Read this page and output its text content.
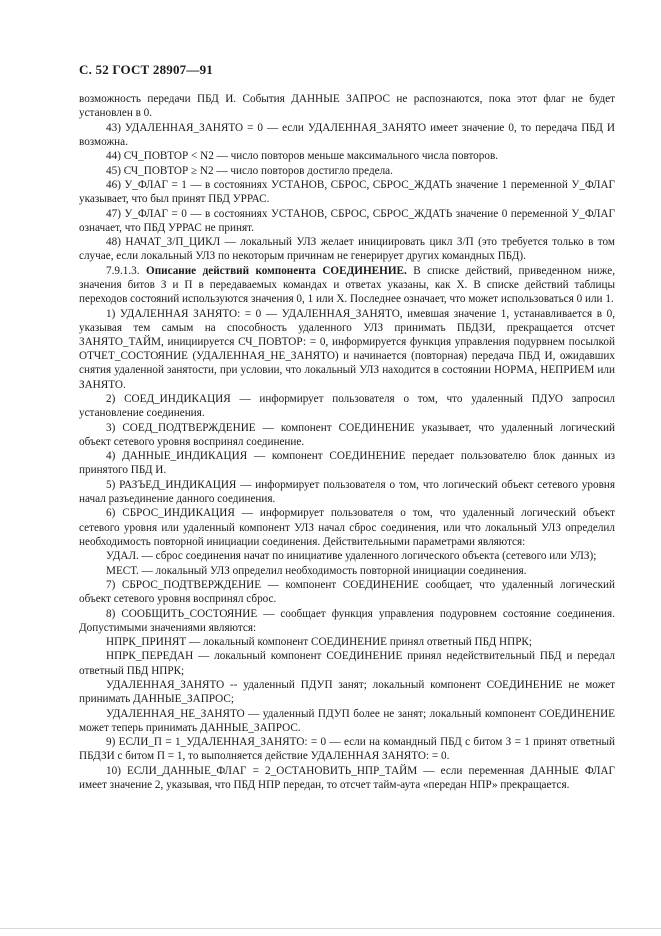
С. 52 ГОСТ 28907—91

возможность передачи ПБД И. События ДАННЫЕ ЗАПРОС не распознаются, пока этот флаг не будет установлен в 0.

43) УДАЛЕННАЯ_ЗАНЯТО = 0 — если УДАЛЕННАЯ_ЗАНЯТО имеет значение 0, то передача ПБД И возможна.

44) СЧ_ПОВТОР < N2 — число повторов меньше максимального числа повторов.

45) СЧ_ПОВТОР ≥ N2 — число повторов достигло предела.

46) У_ФЛАГ = 1 — в состояниях УСТАНОВ, СБРОС, СБРОС_ЖДАТЬ значение 1 переменной У_ФЛАГ указывает, что был принят ПБД УРРАС.

47) У_ФЛАГ = 0 — в состояниях УСТАНОВ, СБРОС, СБРОС_ЖДАТЬ значение 0 переменной У_ФЛАГ означает, что ПБД УРРАС не принят.

48) НАЧАТ_З/П_ЦИКЛ — локальный УЛЗ желает инициировать цикл З/П (это требуется только в том случае, если локальный УЛЗ по некоторым причинам не генерирует других командных ПБД).

7.9.1.3. Описание действий компонента СОЕДИНЕНИЕ. В списке действий, приведенном ниже, значения битов З и П в передаваемых командах и ответах указаны, как X. В списке действий таблицы переходов состояний используются значения 0, 1 или X. Последнее означает, что может использоваться 0 или 1.

1) УДАЛЕННАЯ ЗАНЯТО: = 0 — УДАЛЕННАЯ_ЗАНЯТО, имевшая значение 1, устанавливается в 0, указывая тем самым на способность удаленного УЛЗ принимать ПБДЗИ, прекращается отсчет ЗАНЯТО_ТАЙМ, инициируется СЧ_ПОВТОР: = 0, информируется функция управления подурвнем посылкой ОТЧЕТ_СОСТОЯНИЕ (УДАЛЕННАЯ_НЕ_ЗАНЯТО) и начинается (повторная) передача ПБД И, ожидавших снятия удаленной занятости, при условии, что локальный УЛЗ находится в состоянии НОРМА, НЕПРИЕМ или ЗАНЯТО.

2) СОЕД_ИНДИКАЦИЯ — информирует пользователя о том, что удаленный ПДУО запросил установление соединения.

3) СОЕД_ПОДТВЕРЖДЕНИЕ — компонент СОЕДИНЕНИЕ указывает, что удаленный логический объект сетевого уровня воспринял соединение.

4) ДАННЫЕ_ИНДИКАЦИЯ — компонент СОЕДИНЕНИЕ передает пользователю блок данных из принятого ПБД И.

5) РАЗЪЕД_ИНДИКАЦИЯ — информирует пользователя о том, что логический объект сетевого уровня начал разъединение данного соединения.

6) СБРОС_ИНДИКАЦИЯ — информирует пользователя о том, что удаленный логический объект сетевого уровня или удаленный компонент УЛЗ начал сброс соединения, или что локальный УЛЗ определил необходимость повторной инициации соединения. Действительными параметрами являются:

УДАЛ. — сброс соединения начат по инициативе удаленного логического объекта (сетевого или УЛЗ);

МЕСТ. — локальный УЛЗ определил необходимость повторной инициации соединения.

7) СБРОС_ПОДТВЕРЖДЕНИЕ — компонент СОЕДИНЕНИЕ сообщает, что удаленный логический объект сетевого уровня воспринял сброс.

8) СООБЩИТЬ_СОСТОЯНИЕ — сообщает функция управления подуровнем состояние соединения. Допустимыми значениями являются:

НПРК_ПРИНЯТ — локальный компонент СОЕДИНЕНИЕ принял ответный ПБД НПРК;

НПРК_ПЕРЕДАН — локальный компонент СОЕДИНЕНИЕ принял недействительный ПБД и передал ответный ПБД НПРК;

УДАЛЕННАЯ_ЗАНЯТО -- удаленный ПДУП занят; локальный компонент СОЕДИНЕНИЕ не может принимать ДАННЫЕ_ЗАПРОС;

УДАЛЕННАЯ_НЕ_ЗАНЯТО — удаленный ПДУП более не занят; локальный компонент СОЕДИНЕНИЕ может теперь принимать ДАННЫЕ_ЗАПРОС.

9) ЕСЛИ_П = 1_УДАЛЕННАЯ_ЗАНЯТО: = 0 — если на командный ПБД с битом З = 1 принят ответный ПБДЗИ с битом П = 1, то выполняется действие УДАЛЕННАЯ ЗАНЯТО: = 0.

10) ЕСЛИ_ДАННЫЕ_ФЛАГ = 2_ОСТАНОВИТЬ_НПР_ТАЙМ — если переменная ДАННЫЕ ФЛАГ имеет значение 2, указывая, что ПБД НПР передан, то отсчет тайм-аута «передан НПР» прекращается.
